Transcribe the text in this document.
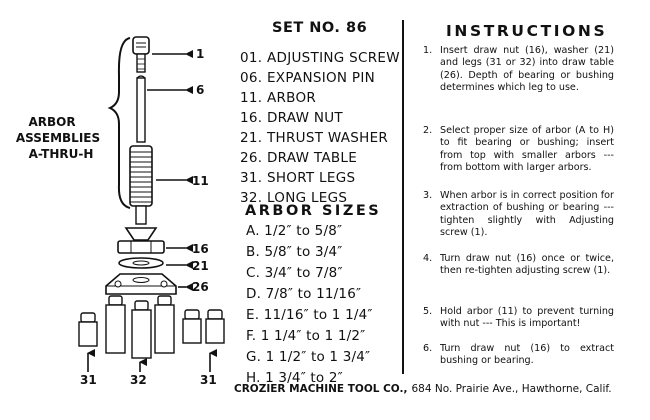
ARBOR
ASSEMBLIES
A-THRU-H
1
6
11
16
21
26
31	32	31
SET NO. 86
01. ADJUSTING SCREW
06. EXPANSION PIN
11. ARBOR
16. DRAW NUT
21. THRUST WASHER
26. DRAW TABLE
31. SHORT LEGS
32. LONG LEGS
ARBOR SIZES
A. 1/2″ to 5/8″
B. 5/8″ to 3/4″
C. 3/4″ to 7/8″
D. 7/8″ to 11/16″
E. 11/16″ to 1 1/4″
F. 1 1/4″ to 1 1/2″
G. 1 1/2″ to 1 3/4″
H. 1 3/4″ to 2″
INSTRUCTIONS
1. Insert draw nut (16), washer (21) and legs (31 or 32) into draw table (26). Depth of bearing or bushing determines which leg to use.
2. Select proper size of arbor (A to H) to fit bearing or bushing; insert from top with smaller arbors --- from bottom with larger arbors.
3. When arbor is in correct position for extraction of bushing or bearing --- tighten slightly with Adjusting screw (1).
4. Turn draw nut (16) once or twice, then re-tighten adjusting screw (1).
5. Hold arbor (11) to prevent turning with nut --- This is important!
6. Turn draw nut (16) to extract bushing or bearing.
CROZIER MACHINE TOOL CO., 684 No. Prairie Ave., Hawthorne, Calif.
